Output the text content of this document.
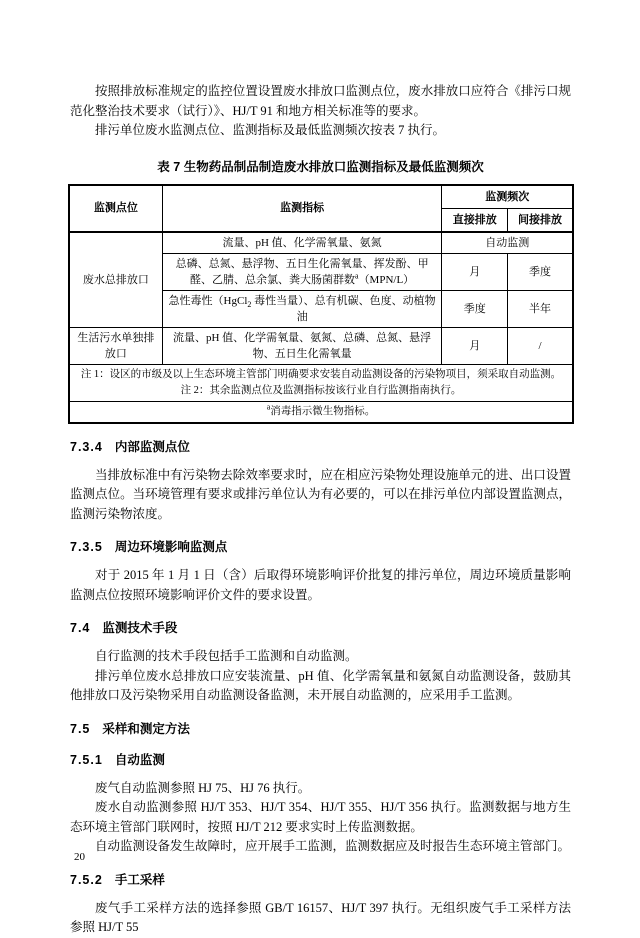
按照排放标准规定的监控位置设置废水排放口监测点位，废水排放口应符合《排污口规范化整治技术要求（试行）》、HJ/T 91 和地方相关标准等的要求。

排污单位废水监测点位、监测指标及最低监测频次按表 7 执行。

表 7 生物药品制品制造废水排放口监测指标及最低监测频次

监测点位	监测指标	监测频次	
		直接排放	间接排放
废水总排放口	流量、pH 值、化学需氧量、氨氮	自动监测	
	总磷、总氮、悬浮物、五日生化需氧量、挥发酚、甲醛、乙腈、总余氯、粪大肠菌群数$^a$（MPN/L）	月	季度
	急性毒性（HgCl$_2$ 毒性当量）、总有机碳、色度、动植物油	季度	半年
生活污水单独排放口	流量、pH 值、化学需氧量、氨氮、总磷、总氮、悬浮物、五日生化需氧量	月	/

注 1：设区的市级及以上生态环境主管部门明确要求安装自动监测设备的污染物项目，须采取自动监测。
注 2：其余监测点位及监测指标按该行业自行监测指南执行。			

$^a$消毒指示微生物指标。			

7.3.4 内部监测点位

当排放标准中有污染物去除效率要求时，应在相应污染物处理设施单元的进、出口设置监测点位。当环境管理有要求或排污单位认为有必要的，可以在排污单位内部设置监测点，监测污染物浓度。

7.3.5 周边环境影响监测点

对于 2015 年 1 月 1 日（含）后取得环境影响评价批复的排污单位，周边环境质量影响监测点位按照环境影响评价文件的要求设置。

7.4 监测技术手段

自行监测的技术手段包括手工监测和自动监测。

排污单位废水总排放口应安装流量、pH 值、化学需氧量和氨氮自动监测设备，鼓励其他排放口及污染物采用自动监测设备监测，未开展自动监测的，应采用手工监测。

7.5 采样和测定方法

7.5.1 自动监测

废气自动监测参照 HJ 75、HJ 76 执行。

废水自动监测参照 HJ/T 353、HJ/T 354、HJ/T 355、HJ/T 356 执行。监测数据与地方生态环境主管部门联网时，按照 HJ/T 212 要求实时上传监测数据。

自动监测设备发生故障时，应开展手工监测，监测数据应及时报告生态环境主管部门。

7.5.2 手工采样

废气手工采样方法的选择参照 GB/T 16157、HJ/T 397 执行。无组织废气手工采样方法参照 HJ/T 55

20
